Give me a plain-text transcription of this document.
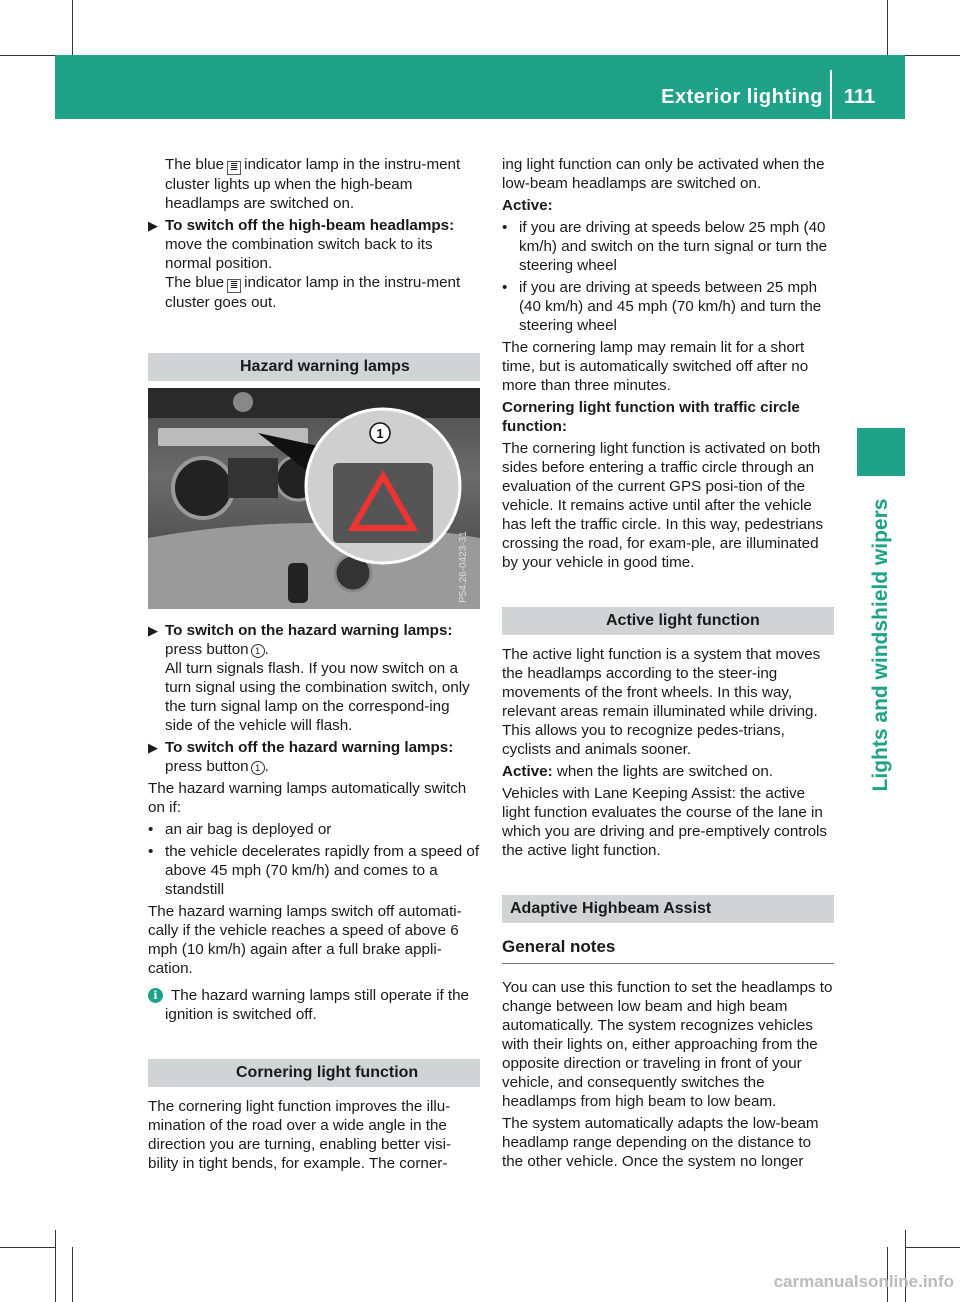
Exterior lighting 111
Lights and windshield wipers

The blue ≣ indicator lamp in the instru-ment cluster lights up when the high-beam headlamps are switched on.

▶ To switch off the high-beam headlamps:

move the combination switch back to its normal position.

The blue ≣ indicator lamp in the instru-ment cluster goes out.

Hazard warning lamps
1
P54.26-0423-31
▶ To switch on the hazard warning lamps:

press button 1 .

All turn signals flash. If you now switch on a turn signal using the combination switch, only the turn signal lamp on the correspond-ing side of the vehicle will flash.

▶ To switch off the hazard warning lamps:

press button 1 .

The hazard warning lamps automatically switch on if:

• an air bag is deployed or
• the vehicle decelerates rapidly from a speed of above 45 mph (70 km/h) and comes to a standstill

The hazard warning lamps switch off automati-cally if the vehicle reaches a speed of above 6 mph (10 km/h) again after a full brake appli-cation.

i The hazard warning lamps still operate if the ignition is switched off.

Cornering light function

The cornering light function improves the illu-mination of the road over a wide angle in the direction you are turning, enabling better visi-bility in tight bends, for example. The corner-

ing light function can only be activated when the low-beam headlamps are switched on.

Active:

• if you are driving at speeds below 25 mph (40 km/h) and switch on the turn signal or turn the steering wheel
• if you are driving at speeds between 25 mph (40 km/h) and 45 mph (70 km/h) and turn the steering wheel

The cornering lamp may remain lit for a short time, but is automatically switched off after no more than three minutes.

Cornering light function with traffic circle function:

The cornering light function is activated on both sides before entering a traffic circle through an evaluation of the current GPS posi-tion of the vehicle. It remains active until after the vehicle has left the traffic circle. In this way, pedestrians crossing the road, for exam-ple, are illuminated by your vehicle in good time.

Active light function

The active light function is a system that moves the headlamps according to the steer-ing movements of the front wheels. In this way, relevant areas remain illuminated while driving. This allows you to recognize pedes-trians, cyclists and animals sooner.

Active: when the lights are switched on.

Vehicles with Lane Keeping Assist: the active light function evaluates the course of the lane in which you are driving and pre-emptively controls the active light function.

Adaptive Highbeam Assist
General notes

You can use this function to set the headlamps to change between low beam and high beam automatically. The system recognizes vehicles with their lights on, either approaching from the opposite direction or traveling in front of your vehicle, and consequently switches the headlamps from high beam to low beam.

The system automatically adapts the low-beam headlamp range depending on the distance to the other vehicle. Once the system no longer

carmanualsonline.info
